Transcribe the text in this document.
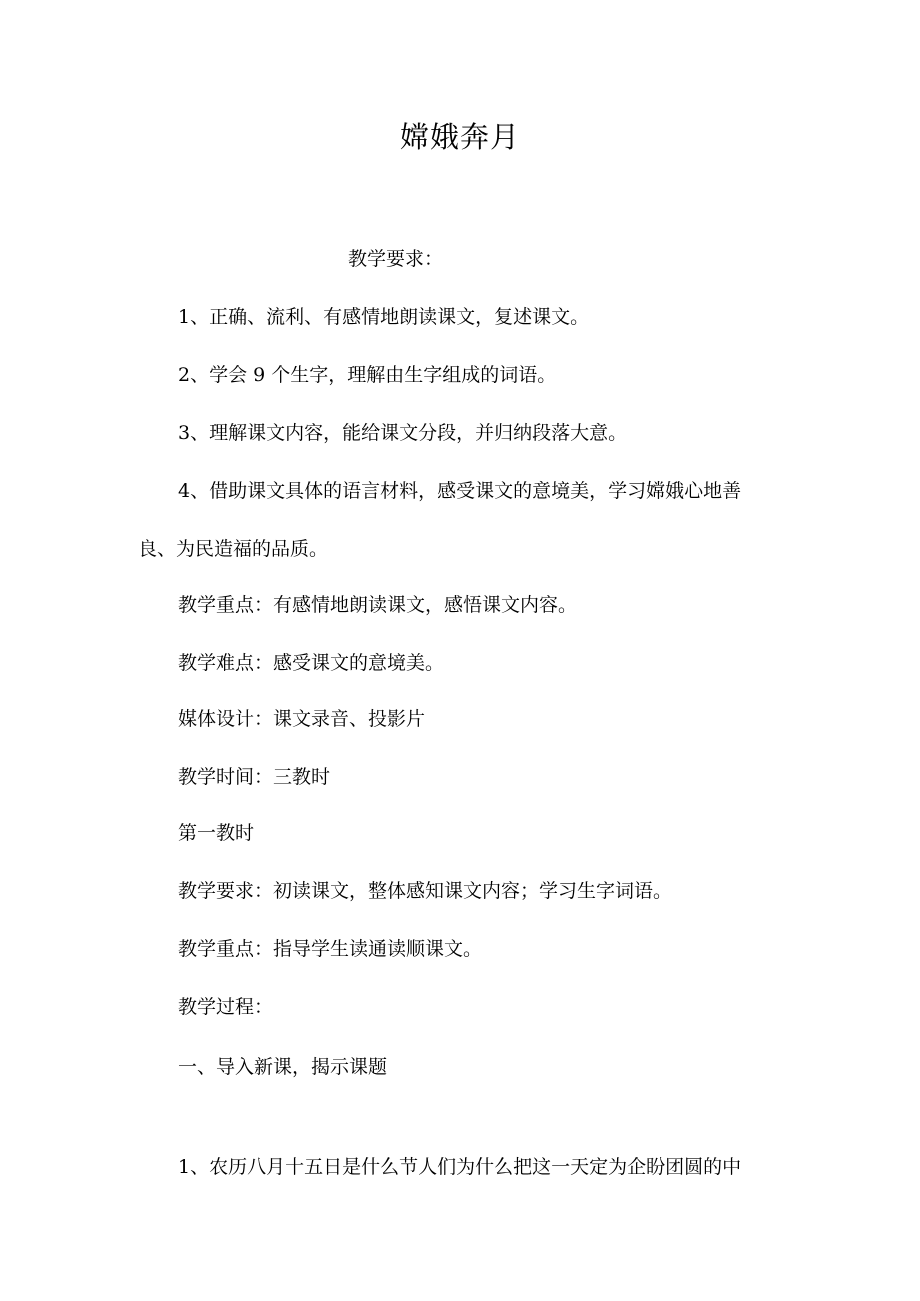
嫦娥奔月
教学要求：
1、正确、流利、有感情地朗读课文，复述课文。
2、学会 9 个生字，理解由生字组成的词语。
3、理解课文内容，能给课文分段，并归纳段落大意。
4、借助课文具体的语言材料，感受课文的意境美，学习嫦娥心地善
良、为民造福的品质。
教学重点：有感情地朗读课文，感悟课文内容。
教学难点：感受课文的意境美。
媒体设计：课文录音、投影片
教学时间：三教时
第一教时
教学要求：初读课文，整体感知课文内容；学习生字词语。
教学重点：指导学生读通读顺课文。
教学过程：
一、导入新课，揭示课题
1、农历八月十五日是什么节人们为什么把这一天定为企盼团圆的中
